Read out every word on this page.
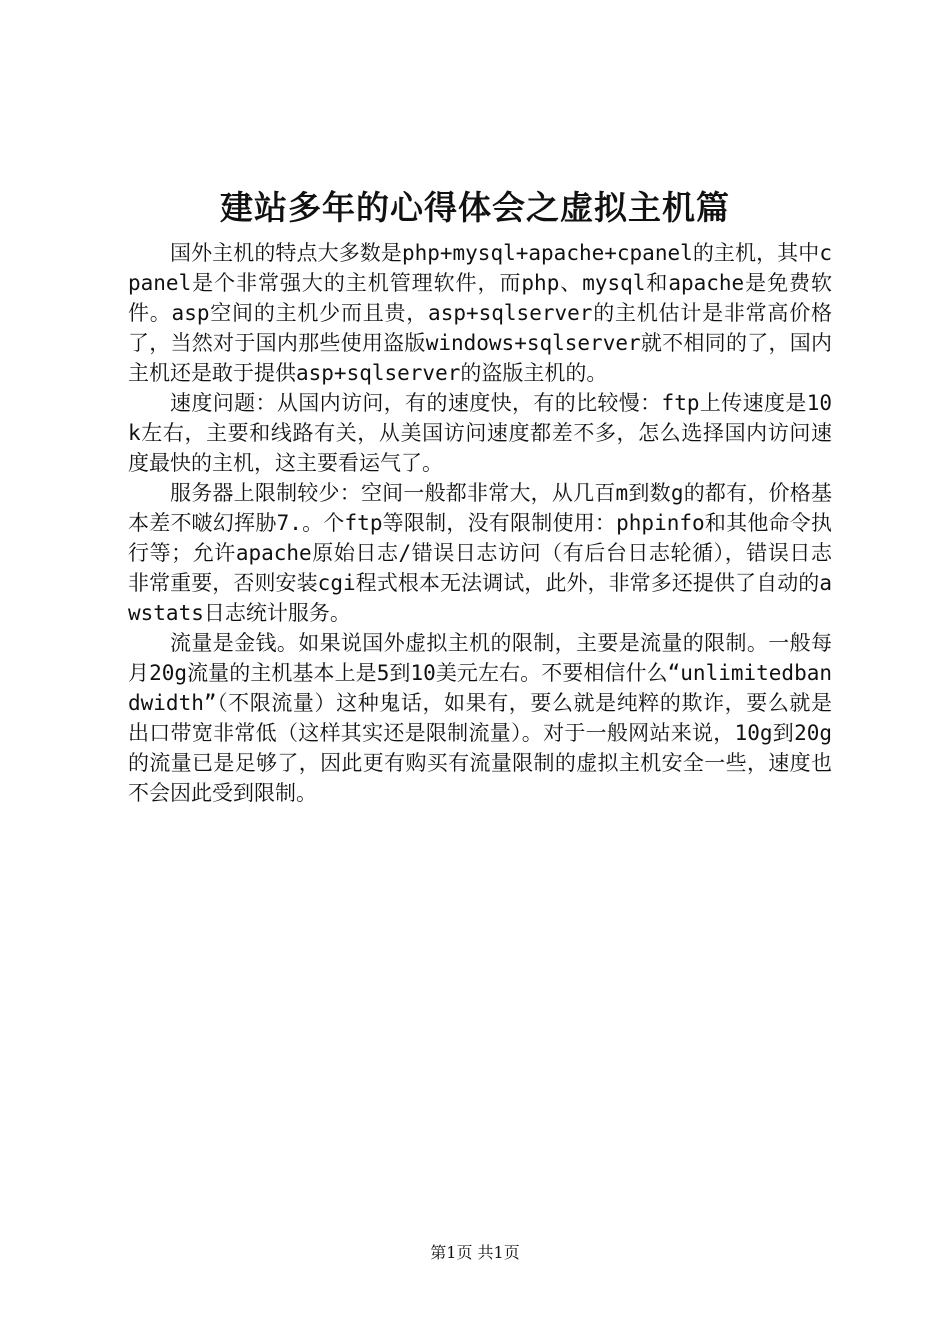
建站多年的心得体会之虚拟主机篇

国外主机的特点大多数是php+mysql+apache+cpanel的主机，其中cpanel是个非常强大的主机管理软件，而php、mysql和apache是免费软件。asp空间的主机少而且贵，asp+sqlserver的主机估计是非常高价格了，当然对于国内那些使用盗版windows+sqlserver就不相同的了，国内主机还是敢于提供asp+sqlserver的盗版主机的。

速度问题：从国内访问，有的速度快，有的比较慢：ftp上传速度是10k左右，主要和线路有关，从美国访问速度都差不多，怎么选择国内访问速度最快的主机，这主要看运气了。

服务器上限制较少：空间一般都非常大，从几百m到数g的都有，价格基本差不啵幻挥胁7.。个ftp等限制，没有限制使用：phpinfo和其他命令执行等；允许apache原始日志/错误日志访问（有后台日志轮循），错误日志非常重要，否则安装cgi程式根本无法调试，此外，非常多还提供了自动的awstats日志统计服务。

流量是金钱。如果说国外虚拟主机的限制，主要是流量的限制。一般每月20g流量的主机基本上是5到10美元左右。不要相信什么“unlimitedbandwidth”（不限流量）这种鬼话，如果有，要么就是纯粹的欺诈，要么就是出口带宽非常低（这样其实还是限制流量）。对于一般网站来说，10g到20g的流量已是足够了，因此更有购买有流量限制的虚拟主机安全一些，速度也不会因此受到限制。

第1页 共1页
